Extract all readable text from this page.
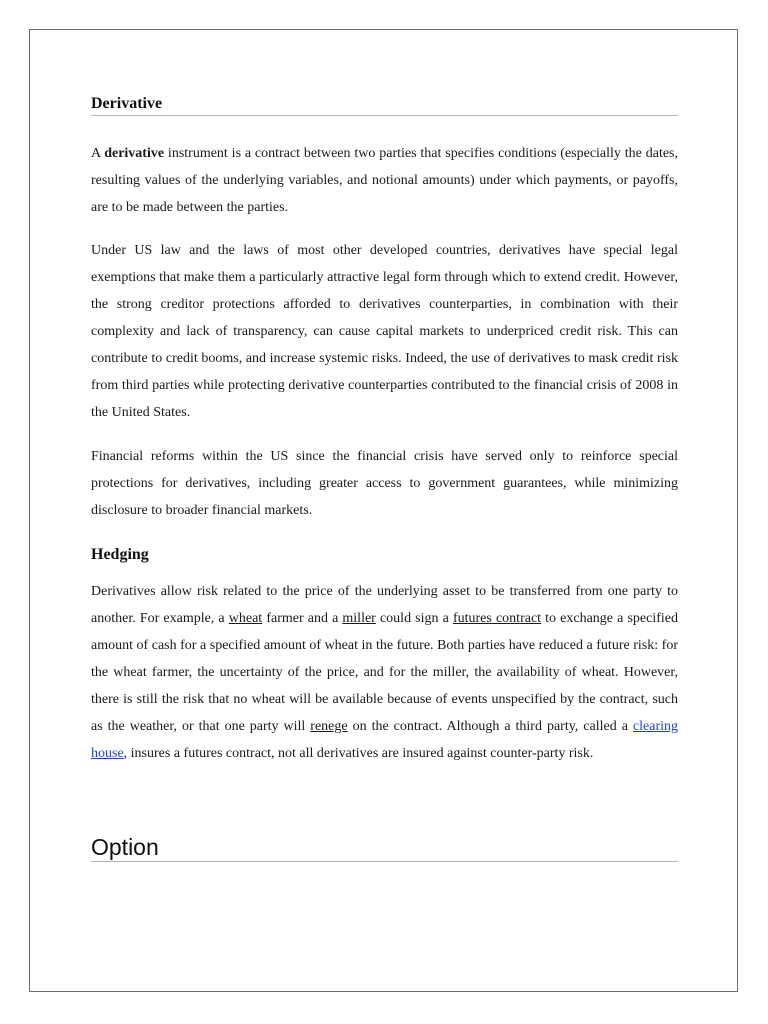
Derivative
A derivative instrument is a contract between two parties that specifies conditions (especially the dates, resulting values of the underlying variables, and notional amounts) under which payments, or payoffs, are to be made between the parties.
Under US law and the laws of most other developed countries, derivatives have special legal exemptions that make them a particularly attractive legal form through which to extend credit. However, the strong creditor protections afforded to derivatives counterparties, in combination with their complexity and lack of transparency, can cause capital markets to underpriced credit risk. This can contribute to credit booms, and increase systemic risks. Indeed, the use of derivatives to mask credit risk from third parties while protecting derivative counterparties contributed to the financial crisis of 2008 in the United States.
Financial reforms within the US since the financial crisis have served only to reinforce special protections for derivatives, including greater access to government guarantees, while minimizing disclosure to broader financial markets.
Hedging
Derivatives allow risk related to the price of the underlying asset to be transferred from one party to another. For example, a wheat farmer and a miller could sign a futures contract to exchange a specified amount of cash for a specified amount of wheat in the future. Both parties have reduced a future risk: for the wheat farmer, the uncertainty of the price, and for the miller, the availability of wheat. However, there is still the risk that no wheat will be available because of events unspecified by the contract, such as the weather, or that one party will renege on the contract. Although a third party, called a clearing house, insures a futures contract, not all derivatives are insured against counter-party risk.
Option
